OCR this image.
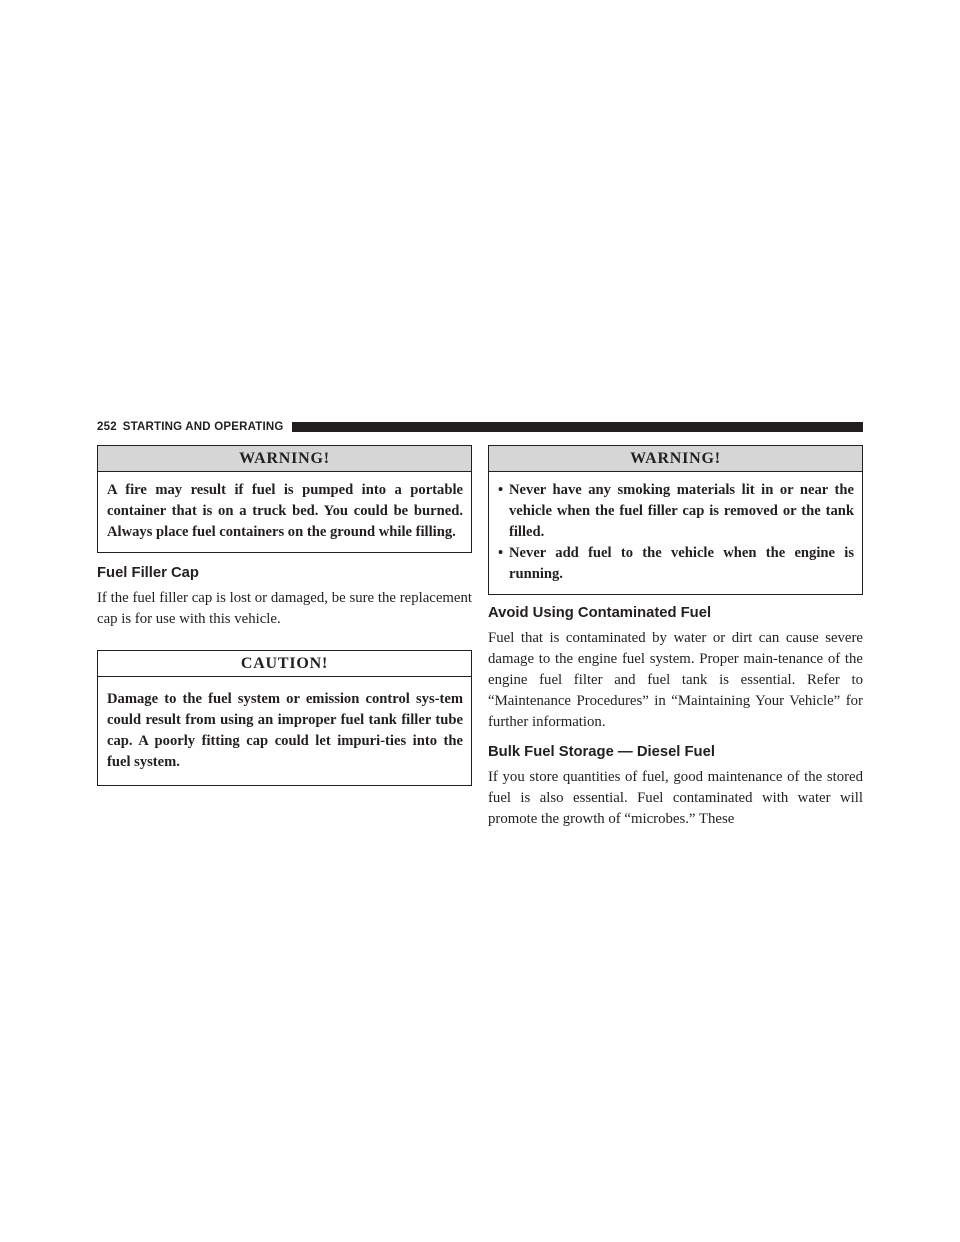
252 STARTING AND OPERATING
WARNING!
A fire may result if fuel is pumped into a portable container that is on a truck bed. You could be burned. Always place fuel containers on the ground while filling.
Fuel Filler Cap

If the fuel filler cap is lost or damaged, be sure the replacement cap is for use with this vehicle.

CAUTION!
Damage to the fuel system or emission control sys-tem could result from using an improper fuel tank filler tube cap. A poorly fitting cap could let impuri-ties into the fuel system.
WARNING!
• Never have any smoking materials lit in or near the vehicle when the fuel filler cap is removed or the tank filled.
• Never add fuel to the vehicle when the engine is running.
Avoid Using Contaminated Fuel

Fuel that is contaminated by water or dirt can cause severe damage to the engine fuel system. Proper main-tenance of the engine fuel filter and fuel tank is essential. Refer to “Maintenance Procedures” in “Maintaining Your Vehicle” for further information.

Bulk Fuel Storage — Diesel Fuel

If you store quantities of fuel, good maintenance of the stored fuel is also essential. Fuel contaminated with water will promote the growth of “microbes.” These
